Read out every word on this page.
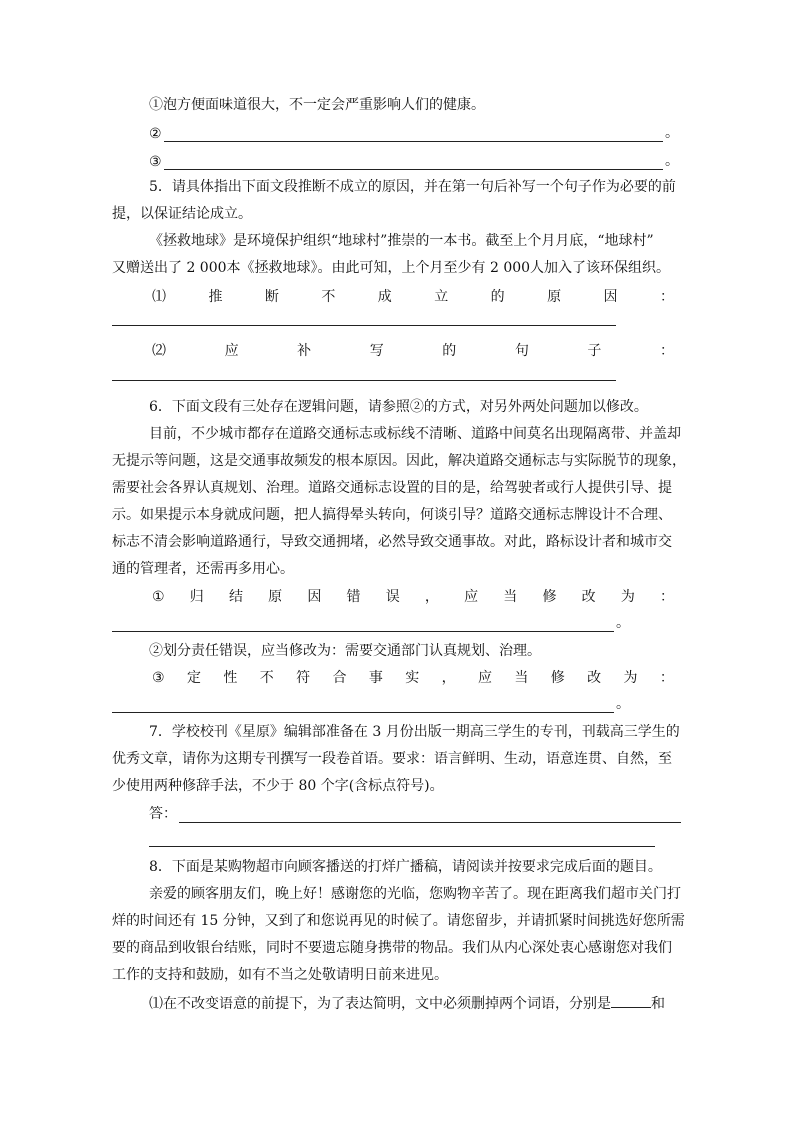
①泡方便面味道很大，不一定会严重影响人们的健康。
②	。
③	。
5．请具体指出下面文段推断不成立的原因，并在第一句后补写一个句子作为必要的前
提，以保证结论成立。
《拯救地球》是环境保护组织“地球村”推崇的一本书。截至上个月月底，“地球村”
又赠送出了 2 000本《拯救地球》。由此可知，上个月至少有 2 000人加入了该环保组织。
⑴	推	断	不	成	立	的	原	因	：
⑵	应	补	写	的	句	子	：
6．下面文段有三处存在逻辑问题，请参照②的方式，对另外两处问题加以修改。
目前，不少城市都存在道路交通标志或标线不清晰、道路中间莫名出现隔离带、并盖却
无提示等问题，这是交通事故频发的根本原因。因此，解决道路交通标志与实际脱节的现象，
需要社会各界认真规划、治理。道路交通标志设置的目的是，给驾驶者或行人提供引导、提
示。如果提示本身就成问题，把人搞得晕头转向，何谈引导？道路交通标志牌设计不合理、
标志不清会影响道路通行，导致交通拥堵，必然导致交通事故。对此，路标设计者和城市交
通的管理者，还需再多用心。
① 归 结 原 因 错 误 ， 应 当 修 改 为 ：
。
②划分责任错误，应当修改为：需要交通部门认真规划、治理。
③ 定 性 不 符 合 事 实 ， 应 当 修 改 为 ：
。
7．学校校刊《星原》编辑部准备在 3 月份出版一期高三学生的专刊，刊载高三学生的
优秀文章，请你为这期专刊撰写一段卷首语。要求：语言鲜明、生动，语意连贯、自然，至
少使用两种修辞手法，不少于 80 个字(含标点符号)。
答：
8．下面是某购物超市向顾客播送的打烊广播稿，请阅读并按要求完成后面的题目。
亲爱的顾客朋友们，晚上好！感谢您的光临，您购物辛苦了。现在距离我们超市关门打
烊的时间还有 15 分钟，又到了和您说再见的时候了。请您留步，并请抓紧时间挑选好您所需
要的商品到收银台结账，同时不要遗忘随身携带的物品。我们从内心深处衷心感谢您对我们
工作的支持和鼓励，如有不当之处敬请明日前来进见。
⑴在不改变语意的前提下，为了表达简明，文中必须删掉两个词语，分别是	和
